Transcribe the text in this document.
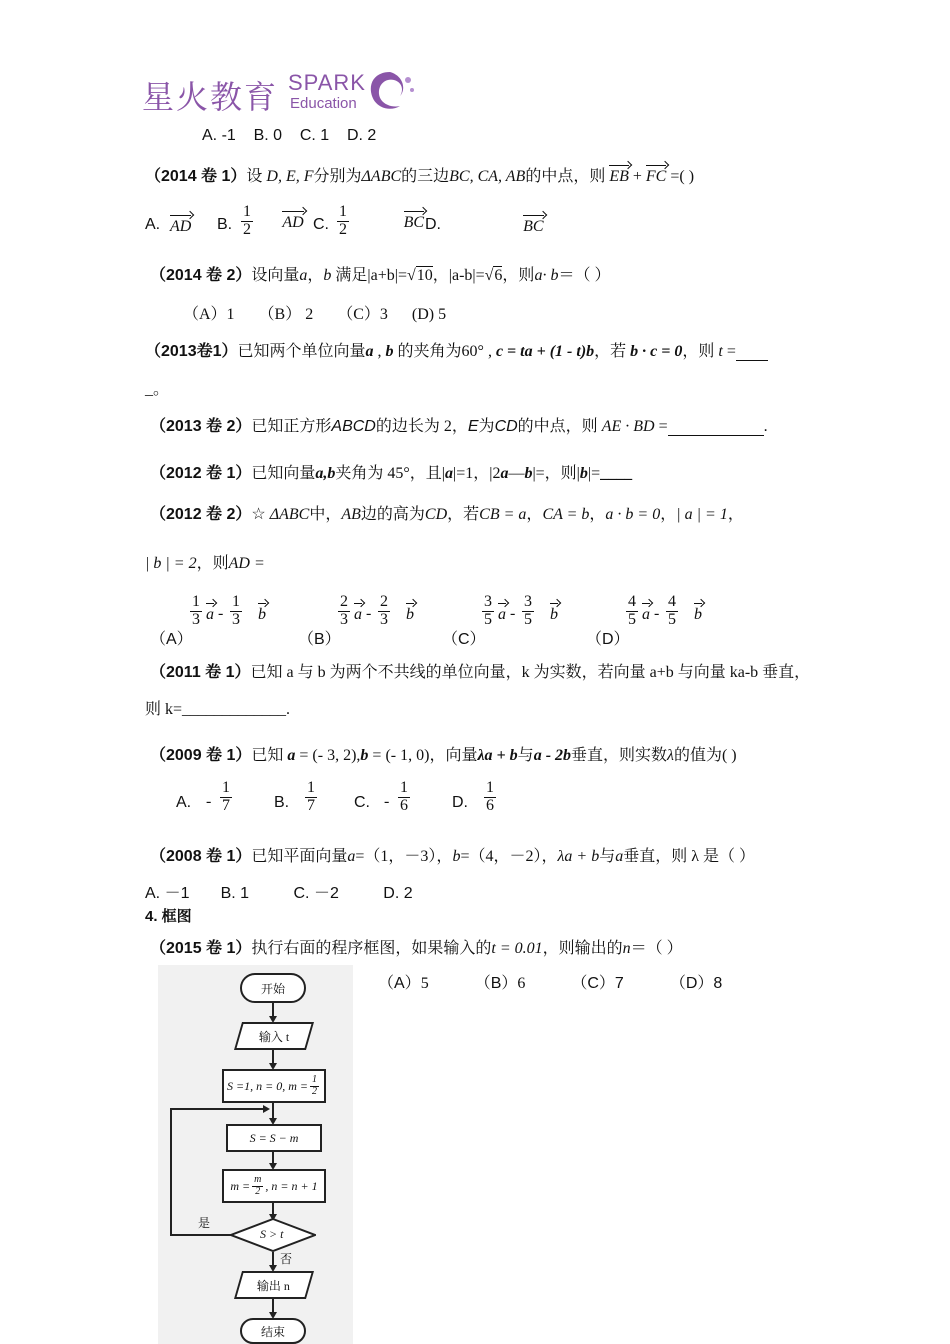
星火教育 SPARK
Education
A. -1    B. 0    C. 1    D. 2
（2014 卷 1）设 D, E, F分别为ΔABC的三边BC, CA, AB的中点，则 EB + FC =( )
A. AD B. $\frac{1}{2}$ AD C. $\frac{1}{2}$	BC D.	BC
（2014 卷 2）设向量a，b 满足|a+b|=√10，|a-b|=√6，则a· b＝（ ）
（A）1      （B） 2      （C）3      (D) 5
（2013卷1）已知两个单位向量a , b 的夹角为60° , c = ta + (1 - t)b，若 b · c = 0，则 t =
_。
（2013 卷 2）已知正方形ABCD的边长为 2，E为CD的中点，则 AE · BD =	.
（2012 卷 1）已知向量a,b夹角为 45°，且|a|=1，|2a—b|=，则|b|=____
（2012 卷 2）☆ ΔABC中，AB边的高为CD，若CB = a，CA = b，a · b = 0，| a | = 1，
| b | = 2，则AD =
（A）
$\frac{1}{3}$ a - $\frac{1}{3}$ b
（B）
$\frac{2}{3}$ a - $\frac{2}{3}$ b
（C）
$\frac{3}{5}$ a - $\frac{3}{5}$ b
（D）
$\frac{4}{5}$ a - $\frac{4}{5}$ b
（2011 卷 1）已知 a 与 b 为两个不共线的单位向量，k 为实数，若向量 a+b 与向量 ka-b 垂直，
则 k=_____________.
（2009 卷 1）已知 a = (- 3, 2),b = (- 1, 0)，向量λa + b与a - 2b垂直，则实数λ的值为( )
A. - $\frac{1}{7}$	B. $\frac{1}{7} C$. - $\frac{1}{6}$	D. $\frac{1}{6}$
（2008 卷 1）已知平面向量a=（1，－3），b=（4，－2），λa + b与a垂直，则 λ 是（ ）
A. －1       B. 1          C. －2          D. 2
4. 框图
（2015 卷 1）执行右面的程序框图，如果输入的t = 0.01，则输出的n＝（ ）
（A）5	（B）6	（C）7	（D）8
开始
输入 t
S =1, n = 0, $m = \frac{1}{2}$
S = S − m
$m = \frac{m}{2}$ , n = n + 1
S > t
是
否
输出 n
结束
